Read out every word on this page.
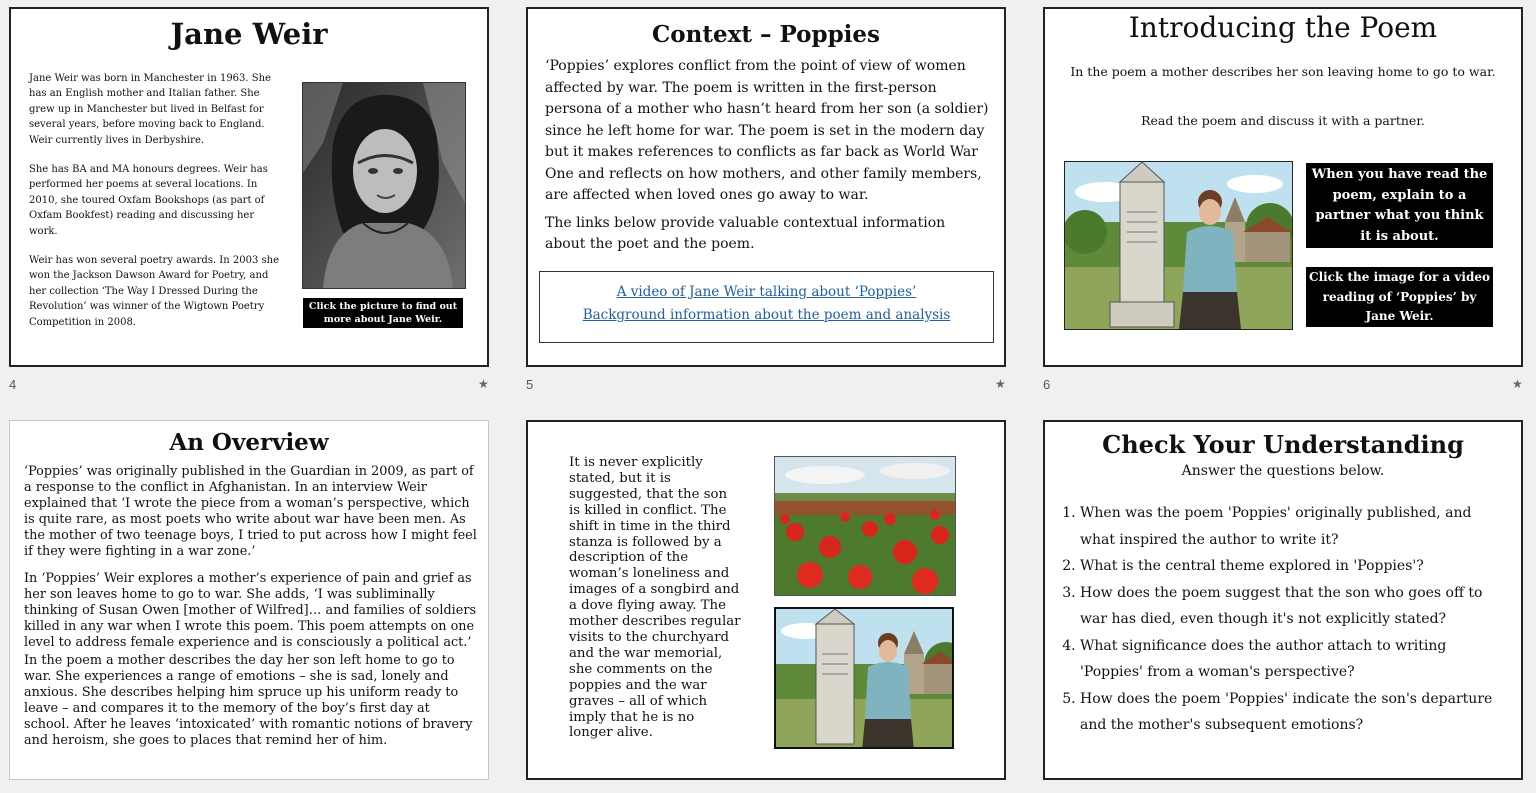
Jane Weir
Jane Weir was born in Manchester in 1963. She has an English mother and Italian father. She grew up in Manchester but lived in Belfast for several years, before moving back to England. Weir currently lives in Derbyshire.
She has BA and MA honours degrees. Weir has performed her poems at several locations. In 2010, she toured Oxfam Bookshops (as part of Oxfam Bookfest) reading and discussing her work.
Weir has won several poetry awards. In 2003 she won the Jackson Dawson Award for Poetry, and her collection ‘The Way I Dressed During the Revolution’ was winner of the Wigtown Poetry Competition in 2008.
Click the picture to find out more about Jane Weir.
4	★
Context – Poppies
‘Poppies’ explores conflict from the point of view of women affected by war. The poem is written in the first-person persona of a mother who hasn’t heard from her son (a soldier) since he left home for war. The poem is set in the modern day but it makes references to conflicts as far back as World War One and reflects on how mothers, and other family members, are affected when loved ones go away to war.
The links below provide valuable contextual information about the poet and the poem.
A video of Jane Weir talking about ‘Poppies’
Background information about the poem and analysis
5	★
Introducing the Poem
In the poem a mother describes her son leaving home to go to war.
Read the poem and discuss it with a partner.
When you have read the poem, explain to a partner what you think it is about.
Click the image for a video reading of ‘Poppies’ by Jane Weir.
★
6
An Overview
‘Poppies’ was originally published in the Guardian in 2009, as part of a response to the conflict in Afghanistan. In an interview Weir explained that ‘I wrote the piece from a woman’s perspective, which is quite rare, as most poets who write about war have been men. As the mother of two teenage boys, I tried to put across how I might feel if they were fighting in a war zone.’
In ‘Poppies’ Weir explores a mother’s experience of pain and grief as her son leaves home to go to war. She adds, ‘I was subliminally thinking of Susan Owen [mother of Wilfred]… and families of soldiers killed in any war when I wrote this poem. This poem attempts on one level to address female experience and is consciously a political act.’
In the poem a mother describes the day her son left home to go to war. She experiences a range of emotions – she is sad, lonely and anxious. She describes helping him spruce up his uniform ready to leave – and compares it to the memory of the boy’s first day at school. After he leaves ‘intoxicated’ with romantic notions of bravery and heroism, she goes to places that remind her of him.
It is never explicitly stated, but it is suggested, that the son is killed in conflict. The shift in time in the third stanza is followed by a description of the woman’s loneliness and images of a songbird and a dove flying away. The mother describes regular visits to the churchyard and the war memorial, she comments on the poppies and the war graves – all of which imply that he is no longer alive.
Check Your Understanding
Answer the questions below.
1. When was the poem 'Poppies' originally published, and what inspired the author to write it?
2. What is the central theme explored in 'Poppies'?
3. How does the poem suggest that the son who goes off to war has died, even though it's not explicitly stated?
4. What significance does the author attach to writing 'Poppies' from a woman's perspective?
5. How does the poem 'Poppies' indicate the son's departure and the mother's subsequent emotions?
